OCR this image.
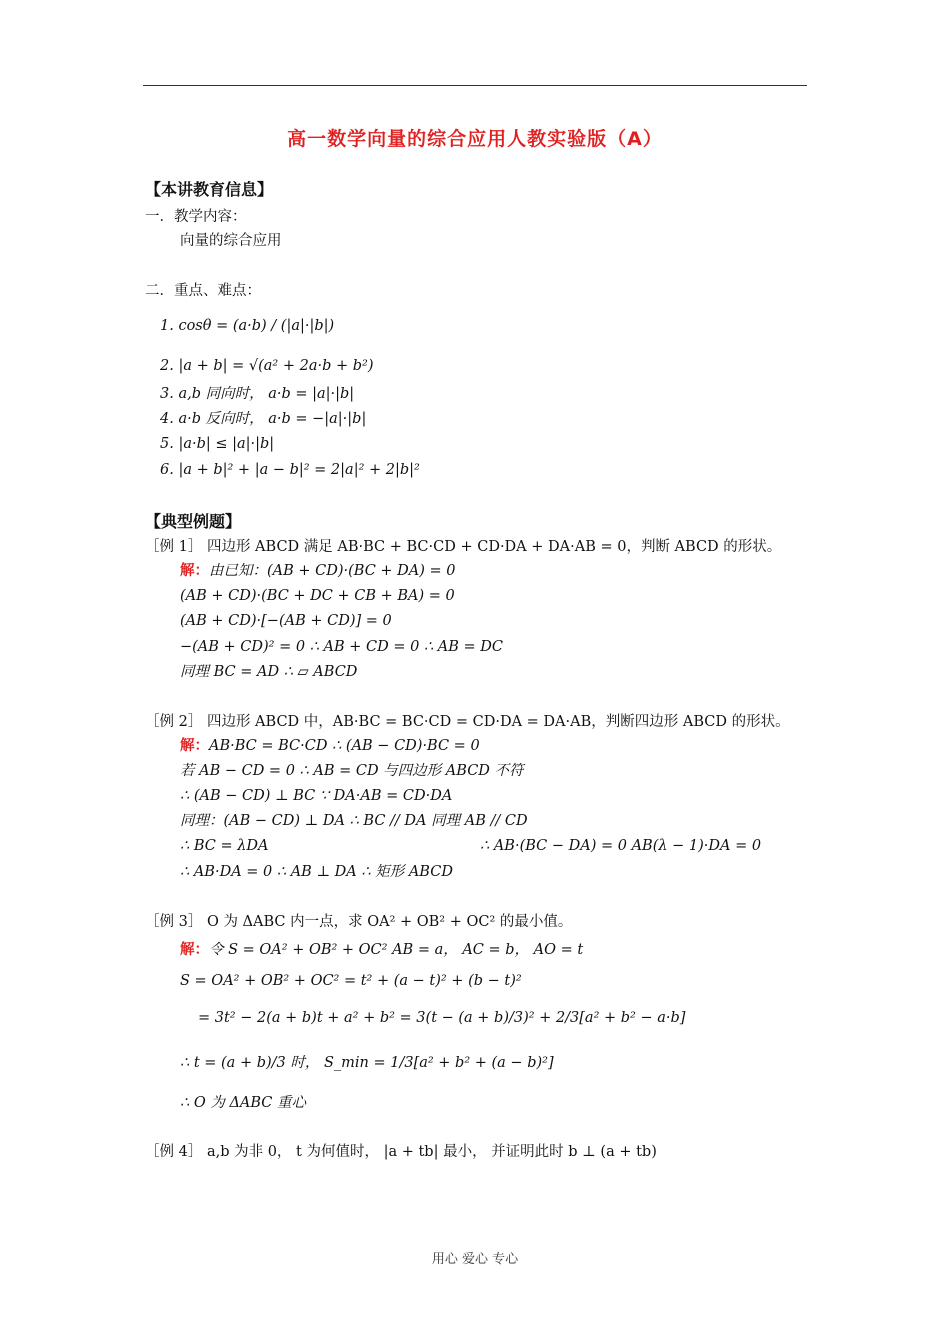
高一数学向量的综合应用人教实验版（A）
【本讲教育信息】
一．教学内容：
向量的综合应用
二．重点、难点：
1. cosθ = (a·b) / (|a|·|b|)
2. |a + b| = √(a² + 2a·b + b²)
3. a,b 同向时， a·b = |a|·|b|
4. a·b 反向时， a·b = −|a|·|b|
5. |a·b| ≤ |a|·|b|
6. |a + b|² + |a − b|² = 2|a|² + 2|b|²
【典型例题】
［例 1］ 四边形 ABCD 满足 AB·BC + BC·CD + CD·DA + DA·AB = 0，判断 ABCD 的形状。
解：由已知：(AB + CD)·(BC + DA) = 0
(AB + CD)·(BC + DC + CB + BA) = 0
(AB + CD)·[−(AB + CD)] = 0
−(AB + CD)² = 0 ∴ AB + CD = 0 ∴ AB = DC
同理 BC = AD ∴ ▱ ABCD
［例 2］ 四边形 ABCD 中，AB·BC = BC·CD = CD·DA = DA·AB，判断四边形 ABCD 的形状。
解：AB·BC = BC·CD ∴ (AB − CD)·BC = 0
若 AB − CD = 0 ∴ AB = CD 与四边形 ABCD 不符
∴ (AB − CD) ⊥ BC ∵ DA·AB = CD·DA
同理：(AB − CD) ⊥ DA ∴ BC // DA 同理 AB // CD
∴ BC = λDA	∴ AB·(BC − DA) = 0 AB(λ − 1)·DA = 0
∴ AB·DA = 0 ∴ AB ⊥ DA ∴ 矩形 ABCD
［例 3］ O 为 ΔABC 内一点，求 OA² + OB² + OC² 的最小值。
解：令 S = OA² + OB² + OC² AB = a， AC = b， AO = t
S = OA² + OB² + OC² = t² + (a − t)² + (b − t)²
= 3t² − 2(a + b)t + a² + b² = 3(t − (a + b)/3)² + 2/3[a² + b² − a·b]
∴ t = (a + b)/3 时， S_min = 1/3[a² + b² + (a − b)²]
∴ O 为 ΔABC 重心
［例 4］ a,b 为非 0， t 为何值时， |a + tb| 最小， 并证明此时 b ⊥ (a + tb)
用心 爱心 专心
